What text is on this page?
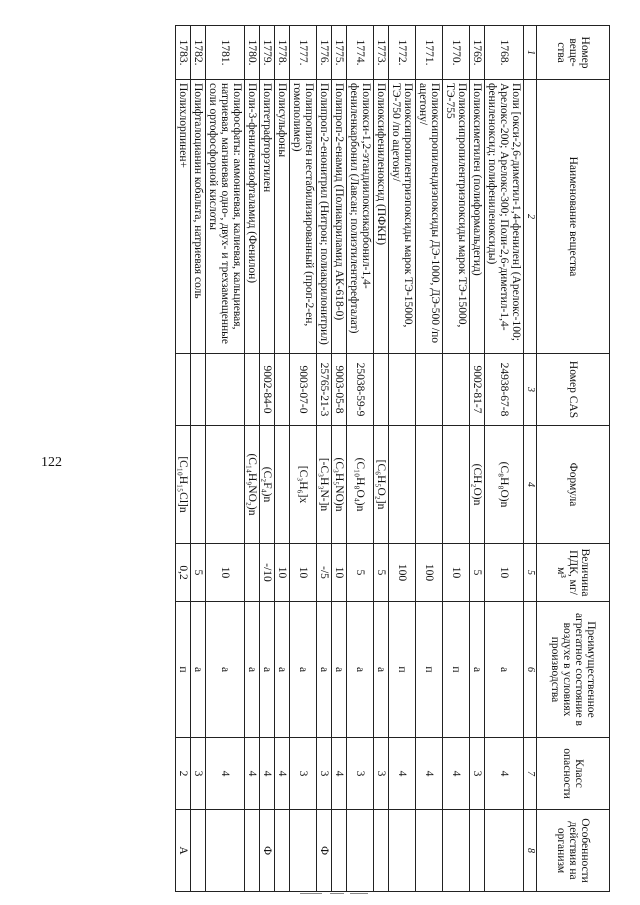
122
Номер веще-ства	Наименование вещества	Номер CAS	Формула	Величина ПДК, мг/м³	Преимущественное агрегатное состояние в воздухе в условиях производства	Класс опасности	Особенности действия на организм
1	2	3	4	5	6	7	8
1768.	Поли [окси-2,6-диметил-1,4-фенилен] (Арелокс-100; Арелокс-200; Арелокс-300; Поли-2,6-диметил-1,4-фениленоксид; полифениленоксиды)	24938-67-8	(C₈H₈O)n	10	а	4	
1769.	Полиоксиметилен (полиформальдегид)	9002-81-7	(CH₂O)n	5	а	3	
1770.	Полиоксипропилентриэпоксиды марок ТЭ-15000, ТЭ-755			10	п	4	
1771.	Полиоксипропилендиэпоксиды ДЭ-1000, ДЭ-500 /по ацетону/			100	п	4	
1772.	Полиоксипропилентриэпоксиды марок ТЭ-15000, ТЭ-750 /по ацетону/			100	п	4	
1773.	Полиоксифениленоксид (ПФКН)		[C₆H₅O₂]n	5	а	3	
1774.	Полиокси-1,2-этандиилоксикарбонил-1,4-фениленкарбонил (Лавсан; полиэтилентерефталат)	25038-59-9	(C₁₀H₈O₄)n	5	а	3	
1775.	Полипроп-2-енамид (Полиакриламид АК-618-0)	9003-05-8	(C₃H₅NO)n	10	а	4	
1776.	Полипроп-2-енонитрил (Нитрон; полиакрилонитрил)	25765-21-3	[-C₃H₃N-]n	-/5	а	3	Ф
1777.	Полипропилен нестабилизированный (проп-2-ен, гомополимер)	9003-07-0	[C₃H₆]x	10	а	3	
1778.	Полисульфоны			10	а	4	
1779.	Политетрафторэтилен	9002-84-0	(C₂F₄)n	-/10	а	4	Ф
1780.	Поли-3-фениленизофталамид (Фенилон)		(C₁₄H₉NO₂)n		а	4	
1781.	Полифосфаты: аммониевая, калиевая, кальциевая, натриевая, магниевая одно-, двух- и трехзамещенные соли ортофосфорной кислоты			10	а	4	
1782.	Полифталоцианин кобальта, натриевая соль			5	а	3	
1783.	Полихлорпинен+		[C₁₀H₁₅Cl]n	0,2	п	2	А
